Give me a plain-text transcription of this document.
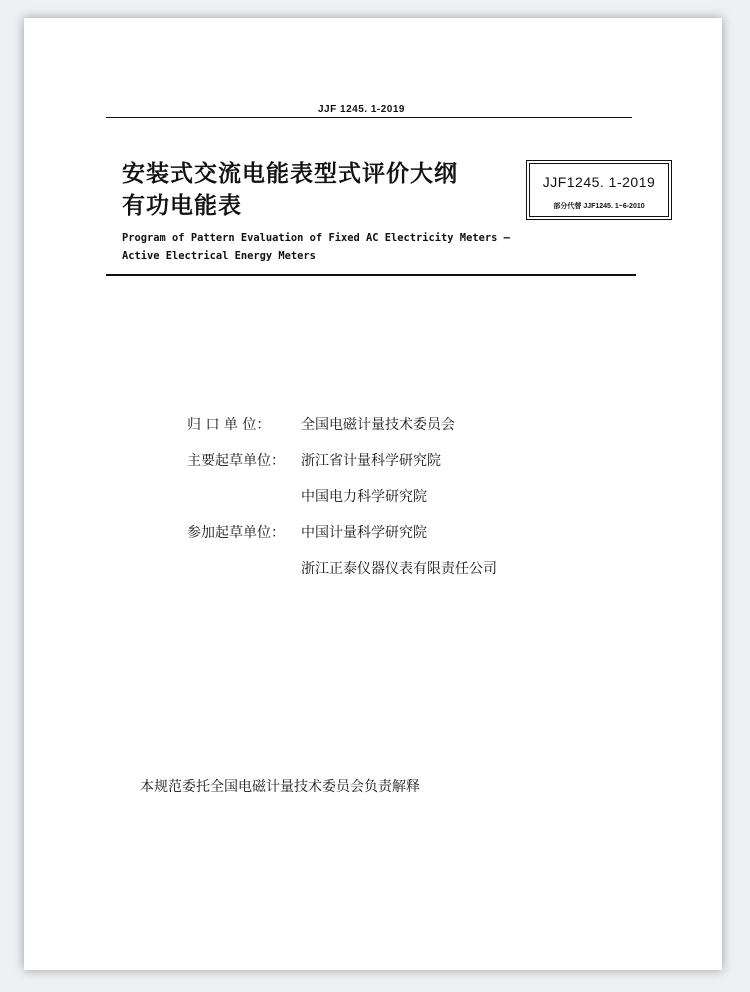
JJF 1245. 1-2019
安装式交流电能表型式评价大纲
有功电能表
JJF1245. 1-2019
部分代替 JJF1245. 1~6-2010
Program of Pattern Evaluation of Fixed AC Electricity Meters —
Active Electrical Energy Meters
归 口 单 位： 全国电磁计量技术委员会
主要起草单位： 浙江省计量科学研究院
中国电力科学研究院
参加起草单位： 中国计量科学研究院
浙江正泰仪器仪表有限责任公司
本规范委托全国电磁计量技术委员会负责解释
